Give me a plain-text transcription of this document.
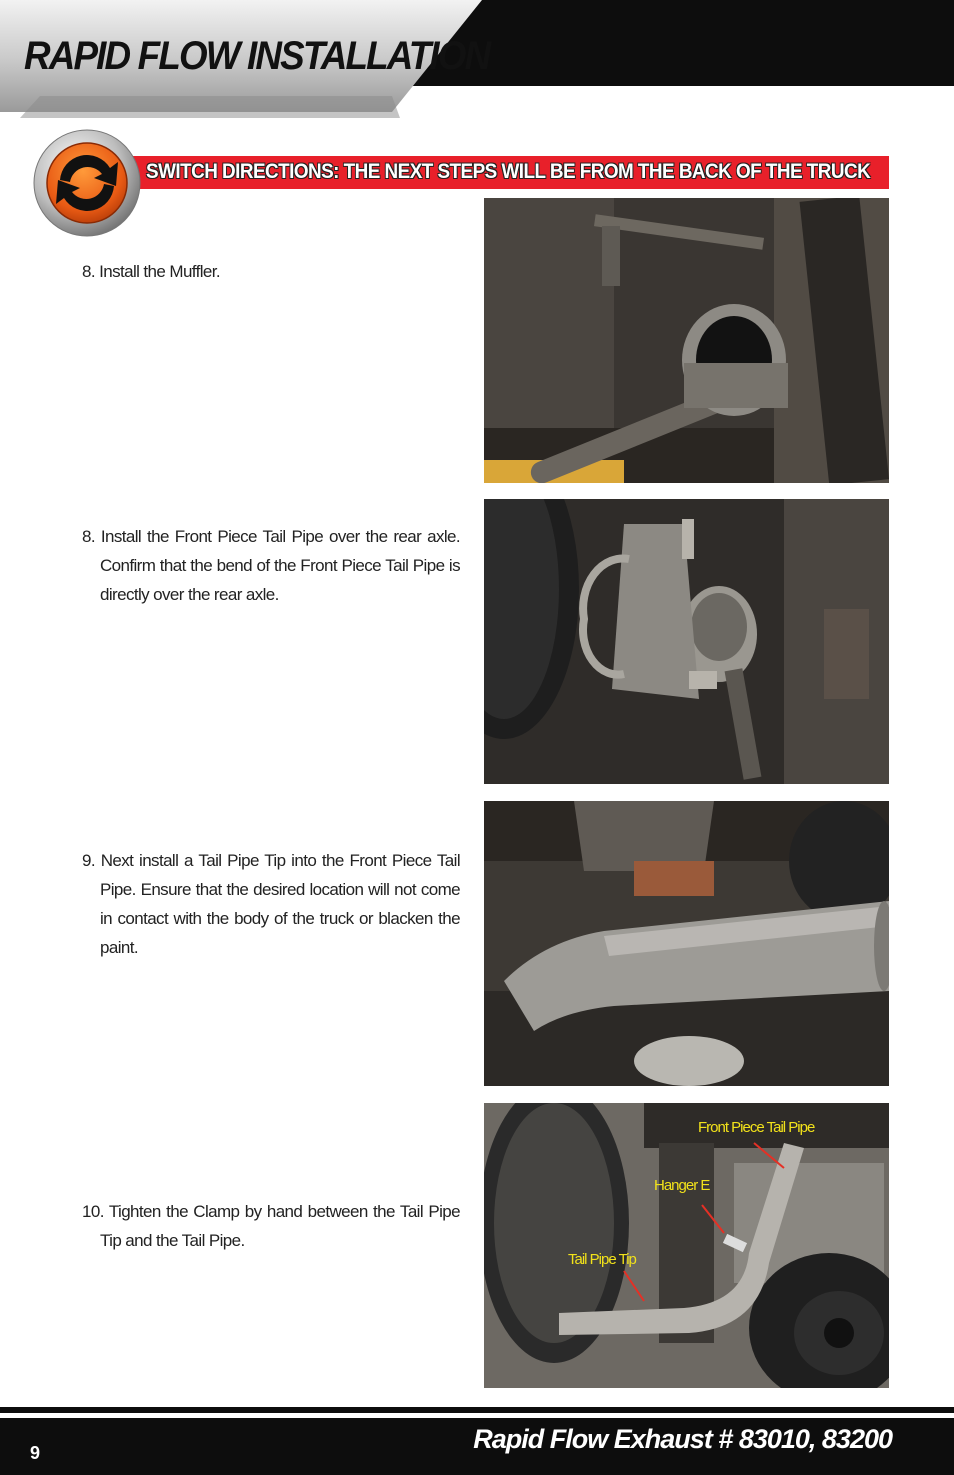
RAPID FLOW INSTALLATION
SWITCH DIRECTIONS: THE NEXT STEPS WILL BE FROM THE BACK OF THE TRUCK

8. Install the Muffler.

8. Install the Front Piece Tail Pipe over the rear axle. Confirm that the bend of the Front Piece Tail Pipe is directly over the rear axle.

9. Next install a Tail Pipe Tip into the Front Piece Tail Pipe. Ensure that the desired location will not come in contact with the body of the truck or blacken the paint.

10. Tighten the Clamp by hand between the Tail Pipe Tip and the Tail Pipe.

Front Piece Tail Pipe
Hanger E
Tail Pipe Tip
9	Rapid Flow Exhaust # 83010, 83200
